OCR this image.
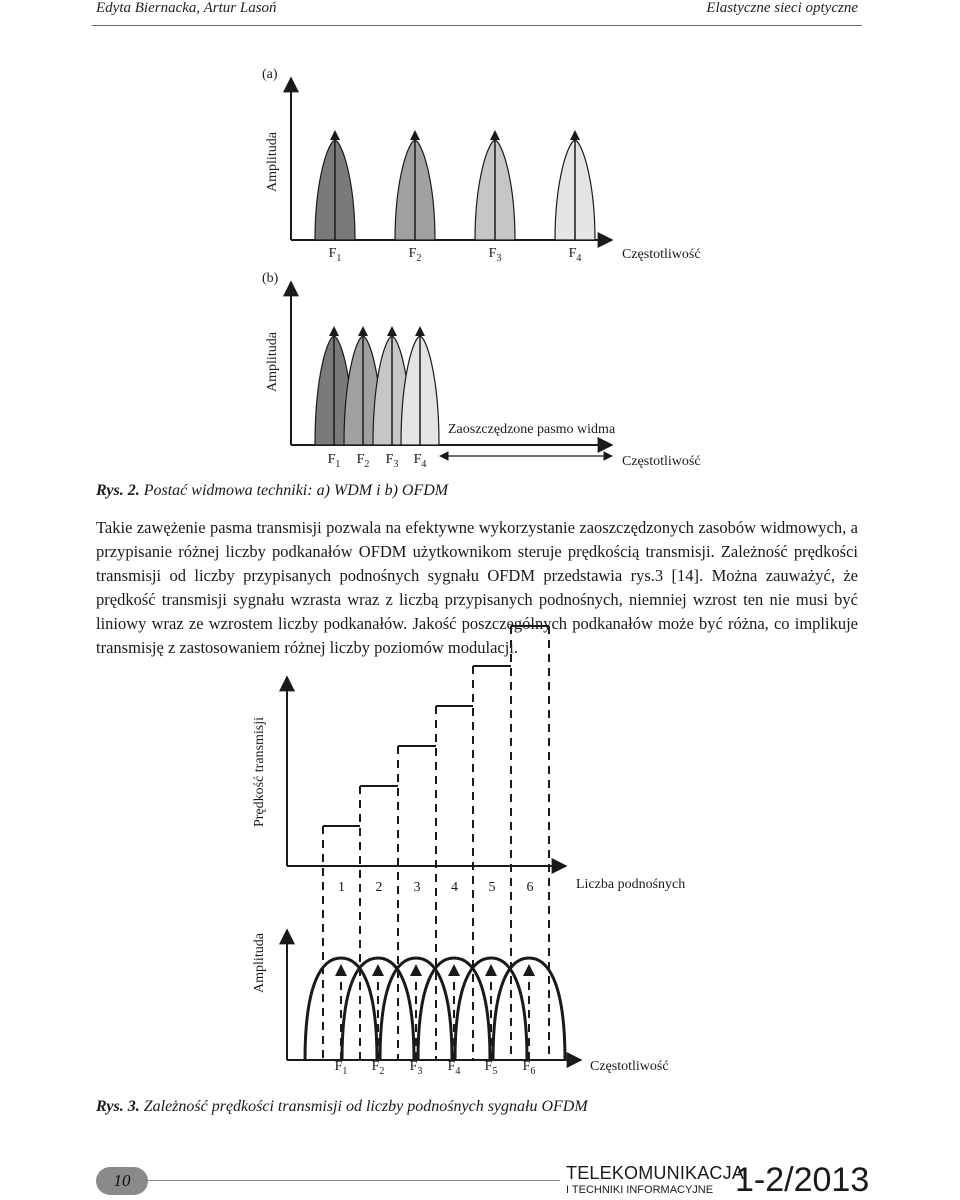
Edyta Biernacka, Artur Lasoń	Elastyczne sieci optyczne
(a)
(b)
Amplituda
Amplituda
Częstotliwość
Częstotliwość
Zaoszczędzone pasmo widma
$F_1$	$F_2$	$F_3$	$F_4$
$F_1$ $F_2$ $F_3$ $F_4$
Rys. 2. Postać widmowa techniki: a) WDM i b) OFDM

Takie zawężenie pasma transmisji pozwala na efektywne wykorzystanie zaoszczędzonych zasobów widmowych, a przypisanie różnej liczby podkanałów OFDM użytkownikom steruje prędkością transmisji. Zależność prędkości transmisji od liczby przypisanych podnośnych sygnału OFDM przedstawia rys.3 [14]. Można zauważyć, że prędkość transmisji sygnału wzrasta wraz z liczbą przypisanych podnośnych, niemniej wzrost ten nie musi być liniowy wraz ze wzrostem liczby podkanałów. Jakość poszczególnych podkanałów może być różna, co implikuje transmisję z zastosowaniem różnej liczby poziomów modulacji.

Prędkość transmisji
Liczba podnośnych
Amplituda
Częstotliwość
1 2 3 4 5 6
$F_1$ $F_2$ $F_3$ $F_4$ $F_5$ $F_6$
Rys. 3. Zależność prędkości transmisji od liczby podnośnych sygnału OFDM
10	TELEKOMUNIKACJA
I TECHNIKI INFORMACYJNE 1-2/2013
